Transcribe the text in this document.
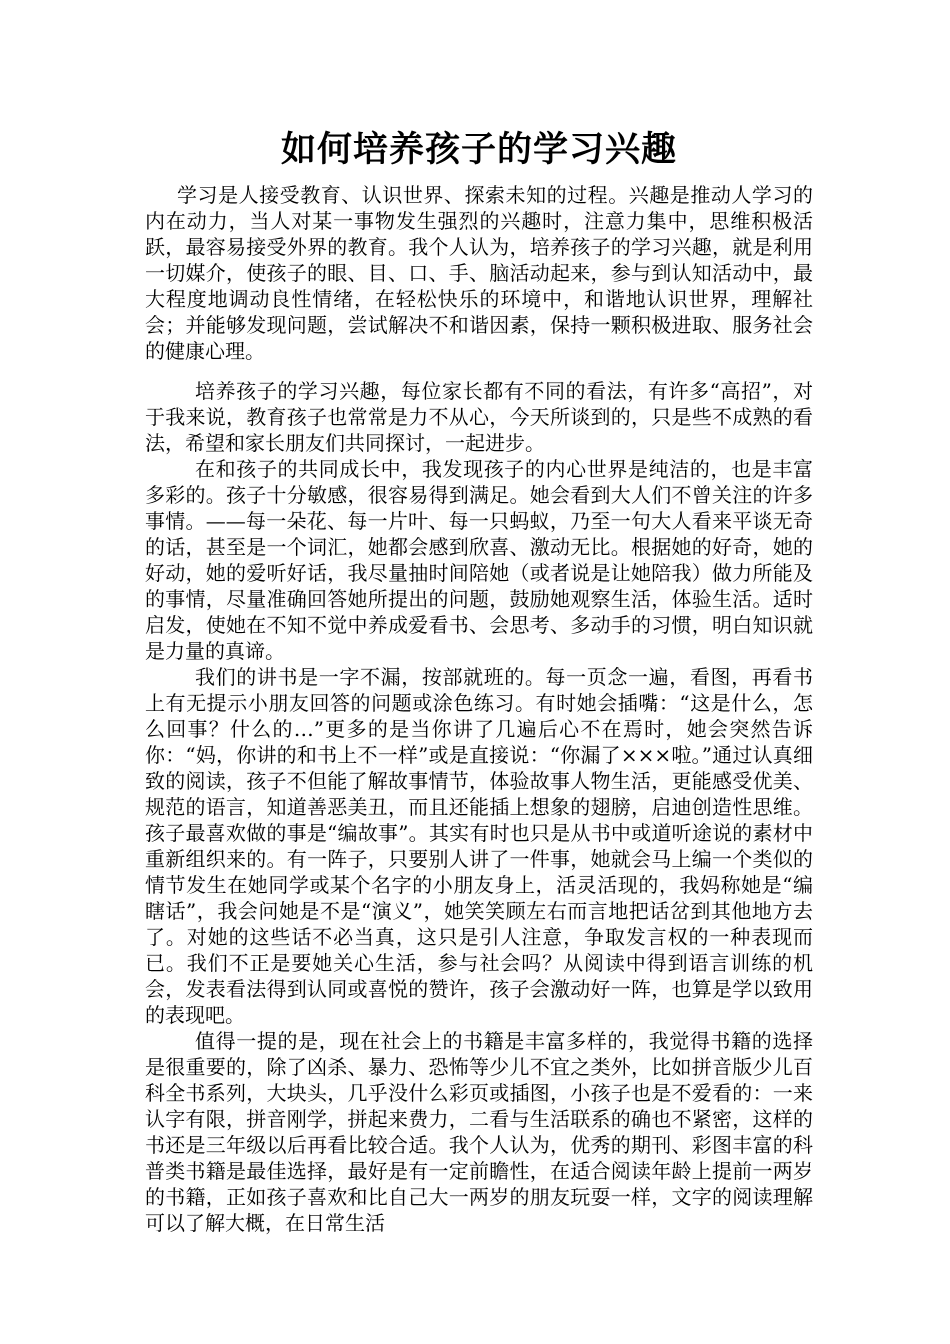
如何培养孩子的学习兴趣

学习是人接受教育、认识世界、探索未知的过程。兴趣是推动人学习的内在动力，当人对某一事物发生强烈的兴趣时，注意力集中，思维积极活跃，最容易接受外界的教育。我个人认为，培养孩子的学习兴趣，就是利用一切媒介，使孩子的眼、目、口、手、脑活动起来，参与到认知活动中，最大程度地调动良性情绪，在轻松快乐的环境中，和谐地认识世界，理解社会；并能够发现问题，尝试解决不和谐因素，保持一颗积极进取、服务社会的健康心理。

培养孩子的学习兴趣，每位家长都有不同的看法，有许多“高招”，对于我来说，教育孩子也常常是力不从心，今天所谈到的，只是些不成熟的看法，希望和家长朋友们共同探讨，一起进步。

在和孩子的共同成长中，我发现孩子的内心世界是纯洁的，也是丰富多彩的。孩子十分敏感，很容易得到满足。她会看到大人们不曾关注的许多事情。——每一朵花、每一片叶、每一只蚂蚁，乃至一句大人看来平谈无奇的话，甚至是一个词汇，她都会感到欣喜、激动无比。根据她的好奇，她的好动，她的爱听好话，我尽量抽时间陪她（或者说是让她陪我）做力所能及的事情，尽量准确回答她所提出的问题，鼓励她观察生活，体验生活。适时启发，使她在不知不觉中养成爱看书、会思考、多动手的习惯，明白知识就是力量的真谛。

我们的讲书是一字不漏，按部就班的。每一页念一遍，看图，再看书上有无提示小朋友回答的问题或涂色练习。有时她会插嘴：“这是什么，怎么回事？什么的…”更多的是当你讲了几遍后心不在焉时，她会突然告诉你：“妈，你讲的和书上不一样”或是直接说：“你漏了×××啦。”通过认真细致的阅读，孩子不但能了解故事情节，体验故事人物生活，更能感受优美、规范的语言，知道善恶美丑，而且还能插上想象的翅膀，启迪创造性思维。孩子最喜欢做的事是“编故事”。其实有时也只是从书中或道听途说的素材中重新组织来的。有一阵子，只要别人讲了一件事，她就会马上编一个类似的情节发生在她同学或某个名字的小朋友身上，活灵活现的，我妈称她是“编瞎话”，我会问她是不是“演义”，她笑笑顾左右而言地把话岔到其他地方去了。对她的这些话不必当真，这只是引人注意，争取发言权的一种表现而已。我们不正是要她关心生活，参与社会吗？从阅读中得到语言训练的机会，发表看法得到认同或喜悦的赞许，孩子会激动好一阵，也算是学以致用的表现吧。

值得一提的是，现在社会上的书籍是丰富多样的，我觉得书籍的选择是很重要的，除了凶杀、暴力、恐怖等少儿不宜之类外，比如拼音版少儿百科全书系列，大块头，几乎没什么彩页或插图，小孩子也是不爱看的：一来认字有限，拼音刚学，拼起来费力，二看与生活联系的确也不紧密，这样的书还是三年级以后再看比较合适。我个人认为，优秀的期刊、彩图丰富的科普类书籍是最佳选择，最好是有一定前瞻性，在适合阅读年龄上提前一两岁的书籍，正如孩子喜欢和比自己大一两岁的朋友玩耍一样，文字的阅读理解可以了解大概，在日常生活
